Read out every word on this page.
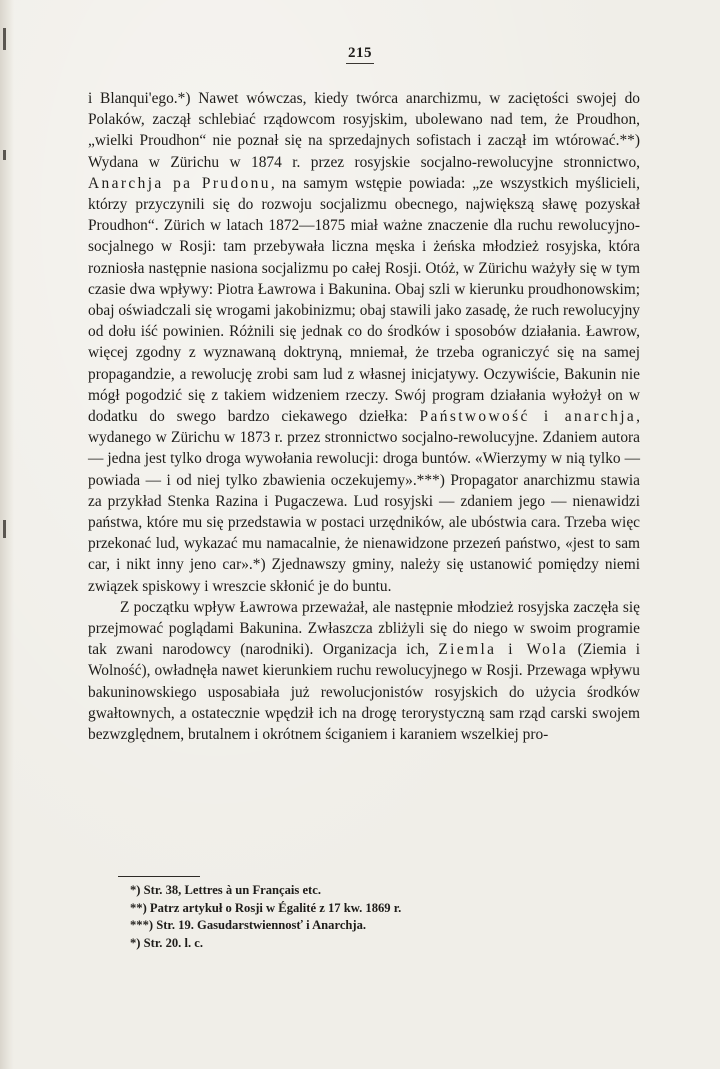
215

i Blanqui'ego.*) Nawet wówczas, kiedy twórca anarchizmu, w zaciętości swojej do Polaków, zaczął schlebiać rządowcom rosyjskim, ubolewano nad tem, że Proudhon, „wielki Proudhon“ nie poznał się na sprzedajnych sofistach i zaczął im wtórować.**) Wydana w Zürichu w 1874 r. przez rosyjskie socjalno-rewolucyjne stronnictwo, Anarchja pa Prudonu, na samym wstępie powiada: „ze wszystkich myślicieli, którzy przyczynili się do rozwoju socjalizmu obecnego, największą sławę pozyskał Proudhon“. Zürich w latach 1872—1875 miał ważne znaczenie dla ruchu rewolucyjno-socjalnego w Rosji: tam przebywała liczna męska i żeńska młodzież rosyjska, która rozniosła następnie nasiona socjalizmu po całej Rosji. Otóż, w Zürichu ważyły się w tym czasie dwa wpływy: Piotra Ławrowa i Bakunina. Obaj szli w kierunku proudhonowskim; obaj oświadczali się wrogami jakobinizmu; obaj stawili jako zasadę, że ruch rewolucyjny od dołu iść powinien. Różnili się jednak co do środków i sposobów działania. Ławrow, więcej zgodny z wyznawaną doktryną, mniemał, że trzeba ograniczyć się na samej propagandzie, a rewolucję zrobi sam lud z własnej inicjatywy. Oczywiście, Bakunin nie mógł pogodzić się z takiem widzeniem rzeczy. Swój program działania wyłożył on w dodatku do swego bardzo ciekawego dziełka: Państwowość i anarchja, wydanego w Zürichu w 1873 r. przez stronnictwo socjalno-rewolucyjne. Zdaniem autora — jedna jest tylko droga wywołania rewolucji: droga buntów. «Wierzymy w nią tylko — powiada — i od niej tylko zbawienia oczekujemy».***) Propagator anarchizmu stawia za przykład Stenka Razina i Pugaczewa. Lud rosyjski — zdaniem jego — nienawidzi państwa, które mu się przedstawia w postaci urzędników, ale ubóstwia cara. Trzeba więc przekonać lud, wykazać mu namacalnie, że nienawidzone przezeń państwo, «jest to sam car, i nikt inny jeno car».*) Zjednawszy gminy, należy się ustanowić pomiędzy niemi związek spiskowy i wreszcie skłonić je do buntu.

Z początku wpływ Ławrowa przeważał, ale następnie młodzież rosyjska zaczęła się przejmować poglądami Bakunina. Zwłaszcza zbliżyli się do niego w swoim programie tak zwani narodowcy (narodniki). Organizacja ich, Ziemla i Wola (Ziemia i Wolność), owładnęła nawet kierunkiem ruchu rewolucyjnego w Rosji. Przewaga wpływu bakuninowskiego usposabiała już rewolucjonistów rosyjskich do użycia środków gwałtownych, a ostatecznie wpędził ich na drogę terorystyczną sam rząd carski swojem bezwzględnem, brutalnem i okrótnem ściganiem i karaniem wszelkiej pro-

*) Str. 38, Lettres à un Français etc.
**) Patrz artykuł o Rosji w Égalité z 17 kw. 1869 r.
***) Str. 19. Gasudarstwiennosť i Anarchja.
*) Str. 20. l. c.
